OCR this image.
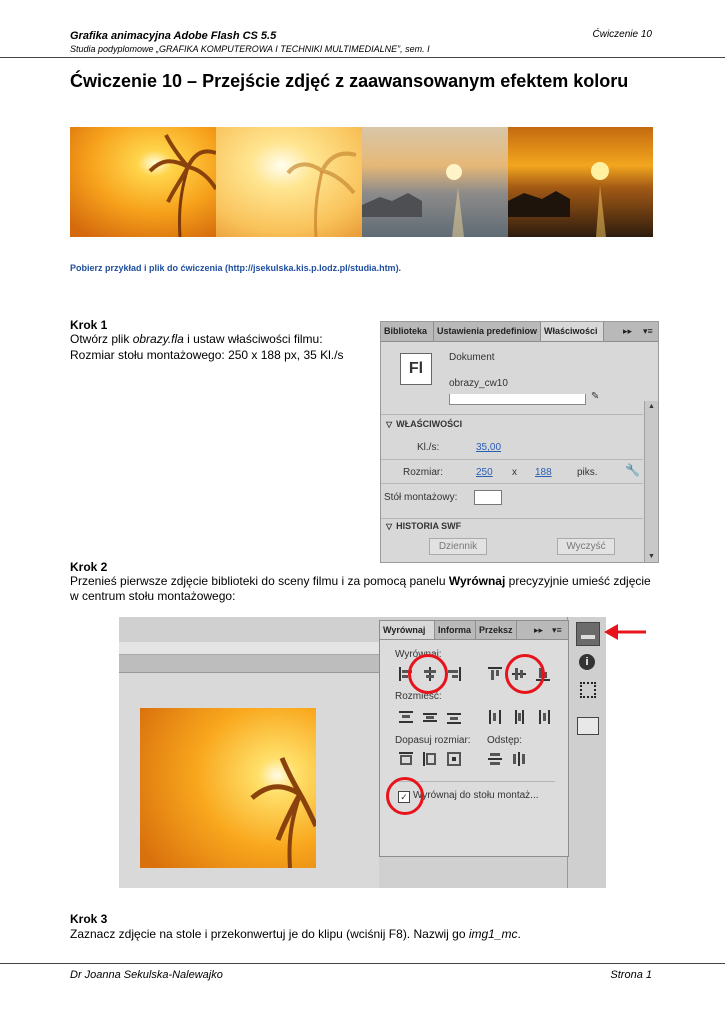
Grafika animacyjna Adobe Flash CS 5.5
Studia podyplomowe „GRAFIKA KOMPUTEROWA I TECHNIKI MULTIMEDIALNE”, sem. I
Ćwiczenie 10
Ćwiczenie 10 – Przejście zdjęć z zaawansowanym efektem koloru
Pobierz przykład i plik do ćwiczenia (http://jsekulska.kis.p.lodz.pl/studia.htm).
Krok 1
Otwórz plik obrazy.fla i ustaw właściwości filmu:
Rozmiar stołu montażowego: 250 x 188 px, 35 Kl./s
Biblioteka	Ustawienia predefiniow Właściwości	▸▸ ▾≡
Fl
Dokument
obrazy_cw10
✎
▽ WŁAŚCIWOŚCI
Kl./s:	35,00
Rozmiar:	250 x 188	piks. 🔧
Stół montażowy:
▽ HISTORIA SWF
Dziennik	Wyczyść
▲
▼
Krok 2
Przenieś pierwsze zdjęcie biblioteki do sceny filmu i za pomocą panelu Wyrównaj precyzyjnie umieść zdjęcie w centrum stołu montażowego:
i
Wyrównaj	Informa Przeksz	▸▸ ▾≡
Wyrównaj:
Rozmieść:
Dopasuj rozmiar: Odstęp:
✓ Wyrównaj do stołu montaż...
Krok 3
Zaznacz zdjęcie na stole i przekonwertuj je do klipu (wciśnij F8). Nazwij go img1_mc.
Dr Joanna Sekulska-Nalewajko	Strona 1
